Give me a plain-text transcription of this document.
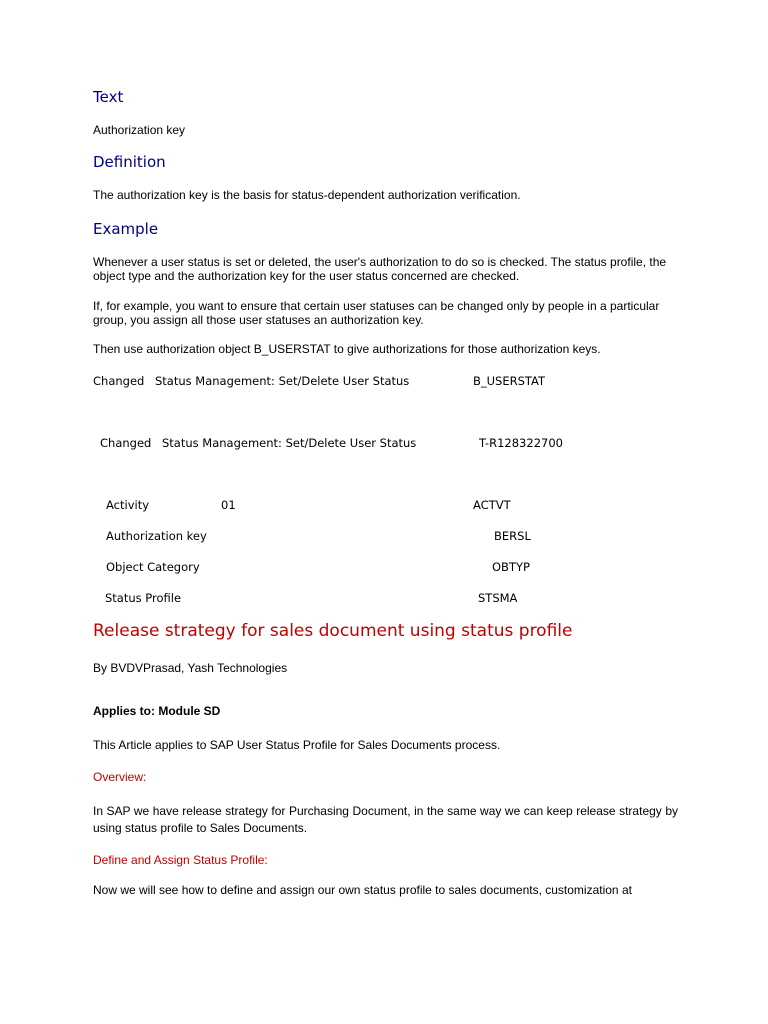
Text
Authorization key
Definition
The authorization key is the basis for status-dependent authorization verification.
Example
Whenever a user status is set or deleted, the user's authorization to do so is checked. The status profile, the object type and the authorization key for the user status concerned are checked.
If, for example, you want to ensure that certain user statuses can be changed only by people in a particular group, you assign all those user statuses an authorization key.
Then use authorization object B_USERSTAT to give authorizations for those authorization keys.
Changed Status Management: Set/Delete User Status	B_USERSTAT
Changed Status Management: Set/Delete User Status	T-R128322700
Activity	01	ACTVT
Authorization key	BERSL
Object Category	OBTYP
Status Profile	STSMA
Release strategy for sales document using status profile
By BVDVPrasad, Yash Technologies
Applies to: Module SD
This Article applies to SAP User Status Profile for Sales Documents process.
Overview:
In SAP we have release strategy for Purchasing Document, in the same way we can keep release strategy by using status profile to Sales Documents.
Define and Assign Status Profile:
Now we will see how to define and assign our own status profile to sales documents, customization at
